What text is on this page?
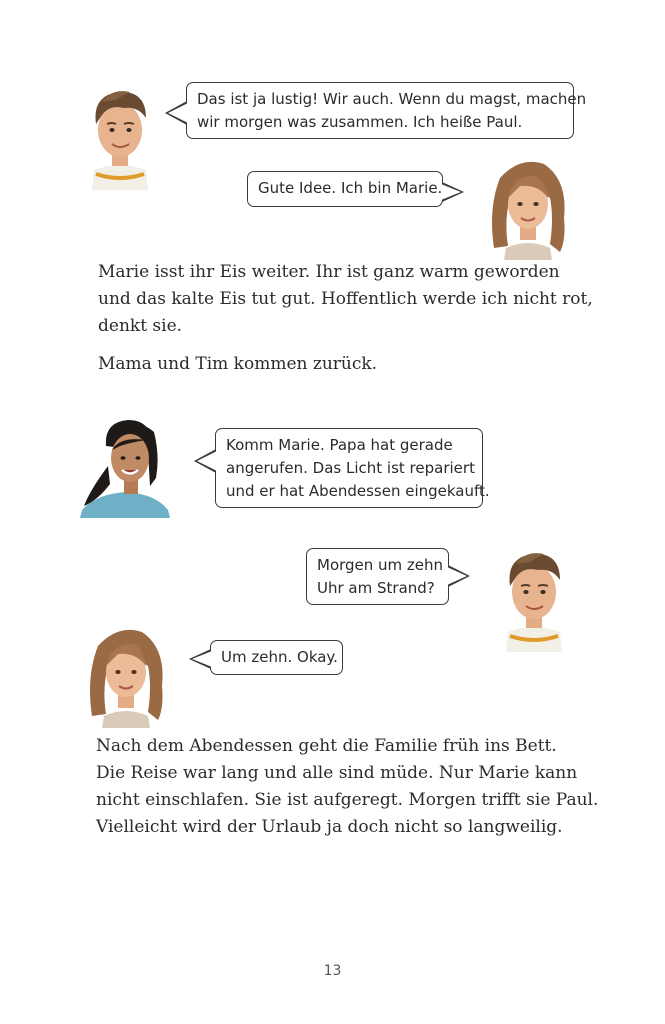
Das ist ja lustig! Wir auch. Wenn du magst, machen
wir morgen was zusammen. Ich heiße Paul.
Gute Idee. Ich bin Marie.
Marie isst ihr Eis weiter. Ihr ist ganz warm geworden
und das kalte Eis tut gut. Hoffentlich werde ich nicht rot,
denkt sie.
Mama und Tim kommen zurück.
Komm Marie. Papa hat gerade
angerufen. Das Licht ist repariert
und er hat Abendessen eingekauft.
Morgen um zehn
Uhr am Strand?
Um zehn. Okay.
Nach dem Abendessen geht die Familie früh ins Bett.
Die Reise war lang und alle sind müde. Nur Marie kann
nicht einschlafen. Sie ist aufgeregt. Morgen trifft sie Paul.
Vielleicht wird der Urlaub ja doch nicht so langweilig.
13
